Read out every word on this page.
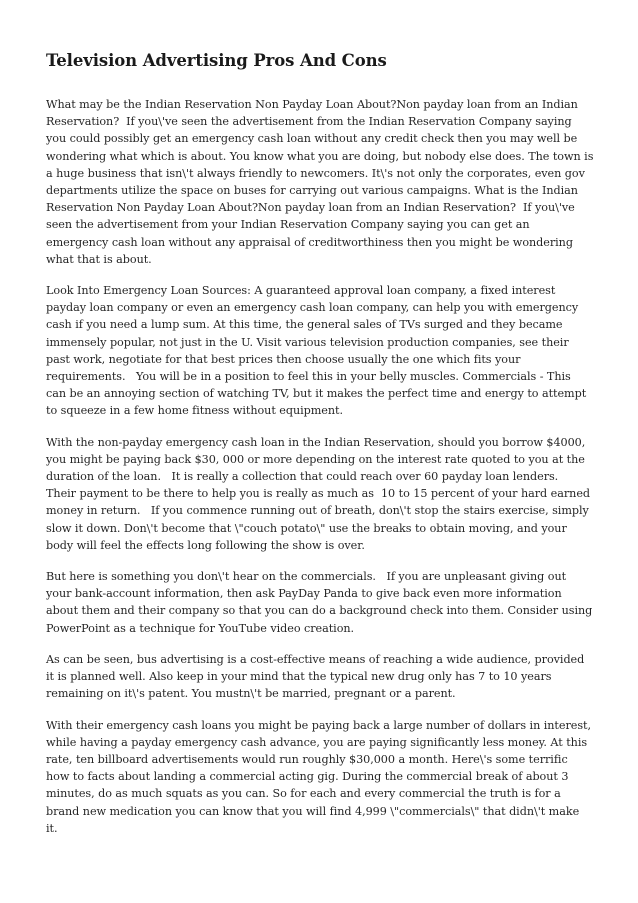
Television Advertising Pros And Cons

What may be the Indian Reservation Non Payday Loan About?Non payday loan from an Indian Reservation?  If you\'ve seen the advertisement from the Indian Reservation Company saying you could possibly get an emergency cash loan without any credit check then you may well be wondering what which is about. You know what you are doing, but nobody else does. The town is a huge business that isn\'t always friendly to newcomers. It\'s not only the corporates, even gov departments utilize the space on buses for carrying out various campaigns. What is the Indian Reservation Non Payday Loan About?Non payday loan from an Indian Reservation?  If you\'ve seen the advertisement from your Indian Reservation Company saying you can get an emergency cash loan without any appraisal of creditworthiness then you might be wondering what that is about.

Look Into Emergency Loan Sources: A guaranteed approval loan company, a fixed interest payday loan company or even an emergency cash loan company, can help you with emergency cash if you need a lump sum. At this time, the general sales of TVs surged and they became immensely popular, not just in the U. Visit various television production companies, see their past work, negotiate for that best prices then choose usually the one which fits your requirements.   You will be in a position to feel this in your belly muscles. Commercials - This can be an annoying section of watching TV, but it makes the perfect time and energy to attempt to squeeze in a few home fitness without equipment.

With the non-payday emergency cash loan in the Indian Reservation, should you borrow $4000, you might be paying back $30, 000 or more depending on the interest rate quoted to you at the duration of the loan.   It is really a collection that could reach over 60 payday loan lenders.   Their payment to be there to help you is really as much as  10 to 15 percent of your hard earned money in return.   If you commence running out of breath, don\'t stop the stairs exercise, simply slow it down. Don\'t become that \"couch potato\" use the breaks to obtain moving, and your body will feel the effects long following the show is over.

But here is something you don\'t hear on the commercials.   If you are unpleasant giving out your bank-account information, then ask PayDay Panda to give back even more information about them and their company so that you can do a background check into them. Consider using PowerPoint as a technique for YouTube video creation.

As can be seen, bus advertising is a cost-effective means of reaching a wide audience, provided it is planned well. Also keep in your mind that the typical new drug only has 7 to 10 years remaining on it\'s patent. You mustn\'t be married, pregnant or a parent.

With their emergency cash loans you might be paying back a large number of dollars in interest, while having a payday emergency cash advance, you are paying significantly less money. At this rate, ten billboard advertisements would run roughly $30,000 a month. Here\'s some terrific how to facts about landing a commercial acting gig. During the commercial break of about 3 minutes, do as much squats as you can. So for each and every commercial the truth is for a brand new medication you can know that you will find 4,999 \"commercials\" that didn\'t make it.
